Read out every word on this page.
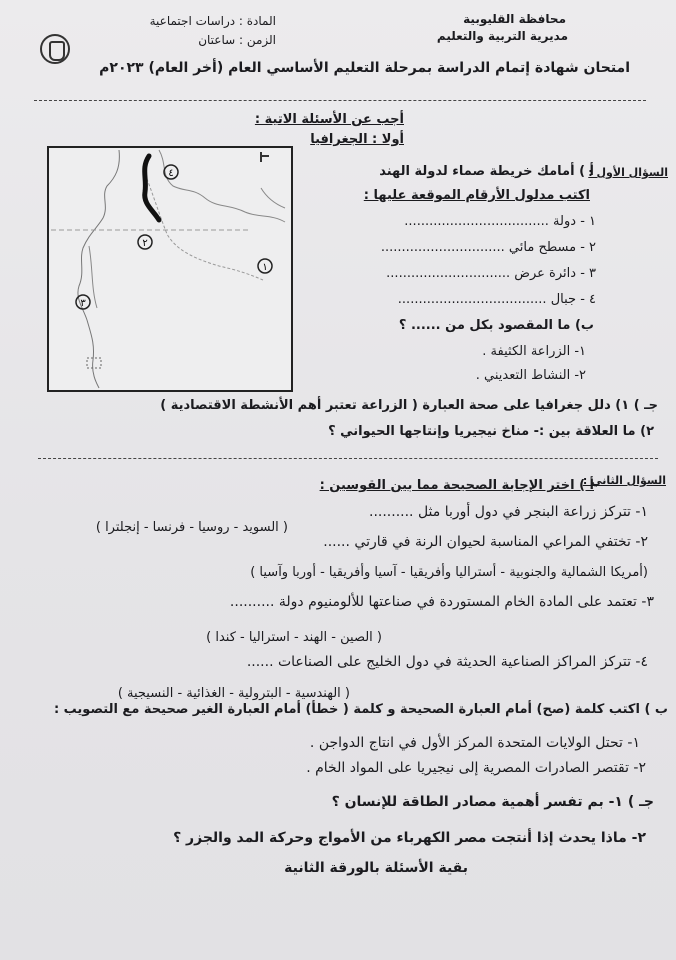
محافظة القليوبية
مديرية التربية والتعليم
المادة : دراسات اجتماعية
الزمن : ساعتان
امتحان شهادة إتمام الدراسة بمرحلة التعليم الأساسي العام (أخر العام) ٢٠٢٣م
أجب عن الأسئلة الاتية :
أولا : الجغرافيا
٤
٢
١
٣
السؤال الأول :
أ ) أمامك خريطة صماء لدولة الهند
اكتب مدلول الأرقام الموقعة عليها :
١ - دولة ...................................
٢ - مسطح مائي ..............................
٣ - دائرة عرض ..............................
٤ - جبال ....................................
ب) ما المقصود بكل من ...... ؟
١- الزراعة الكثيفة .
٢- النشاط التعديني .
جـ ) ١) دلل جغرافيا على صحة العبارة ( الزراعة تعتبر أهم الأنشطة الاقتصادية )
٢) ما العلاقة بين :- مناخ نيجيريا وإنتاجها الحيواني ؟
السؤال الثاني :
أ ) اختر الإجابة الصحيحة مما بين القوسين :
١- تتركز زراعة البنجر في دول أوربا مثل ..........
( السويد - روسيا - فرنسا - إنجلترا )
٢- تختفي المراعي المناسبة لحيوان الرنة في قارتي ......
(أمريكا الشمالية والجنوبية - أستراليا وأفريقيا - آسيا وأفريقيا - أوربا وآسيا )
٣- تعتمد على المادة الخام المستوردة في صناعتها للألومنيوم دولة ..........
( الصين - الهند - استراليا - كندا )
٤- تتركز المراكز الصناعية الحديثة في دول الخليج على الصناعات ......
( الهندسية - البترولية - الغذائية - النسيجية )
ب ) اكتب كلمة (صح) أمام العبارة الصحيحة و كلمة ( خطأ) أمام العبارة الغير صحيحة مع التصويب :
١- تحتل الولايات المتحدة المركز الأول في انتاج الدواجن .
٢- تقتصر الصادرات المصرية إلى نيجيريا على المواد الخام .
جـ ) ١- بم تفسر أهمية مصادر الطاقة للإنسان ؟
٢- ماذا يحدث إذا أنتجت مصر الكهرباء من الأمواج وحركة المد والجزر ؟
بقية الأسئلة بالورقة الثانية
